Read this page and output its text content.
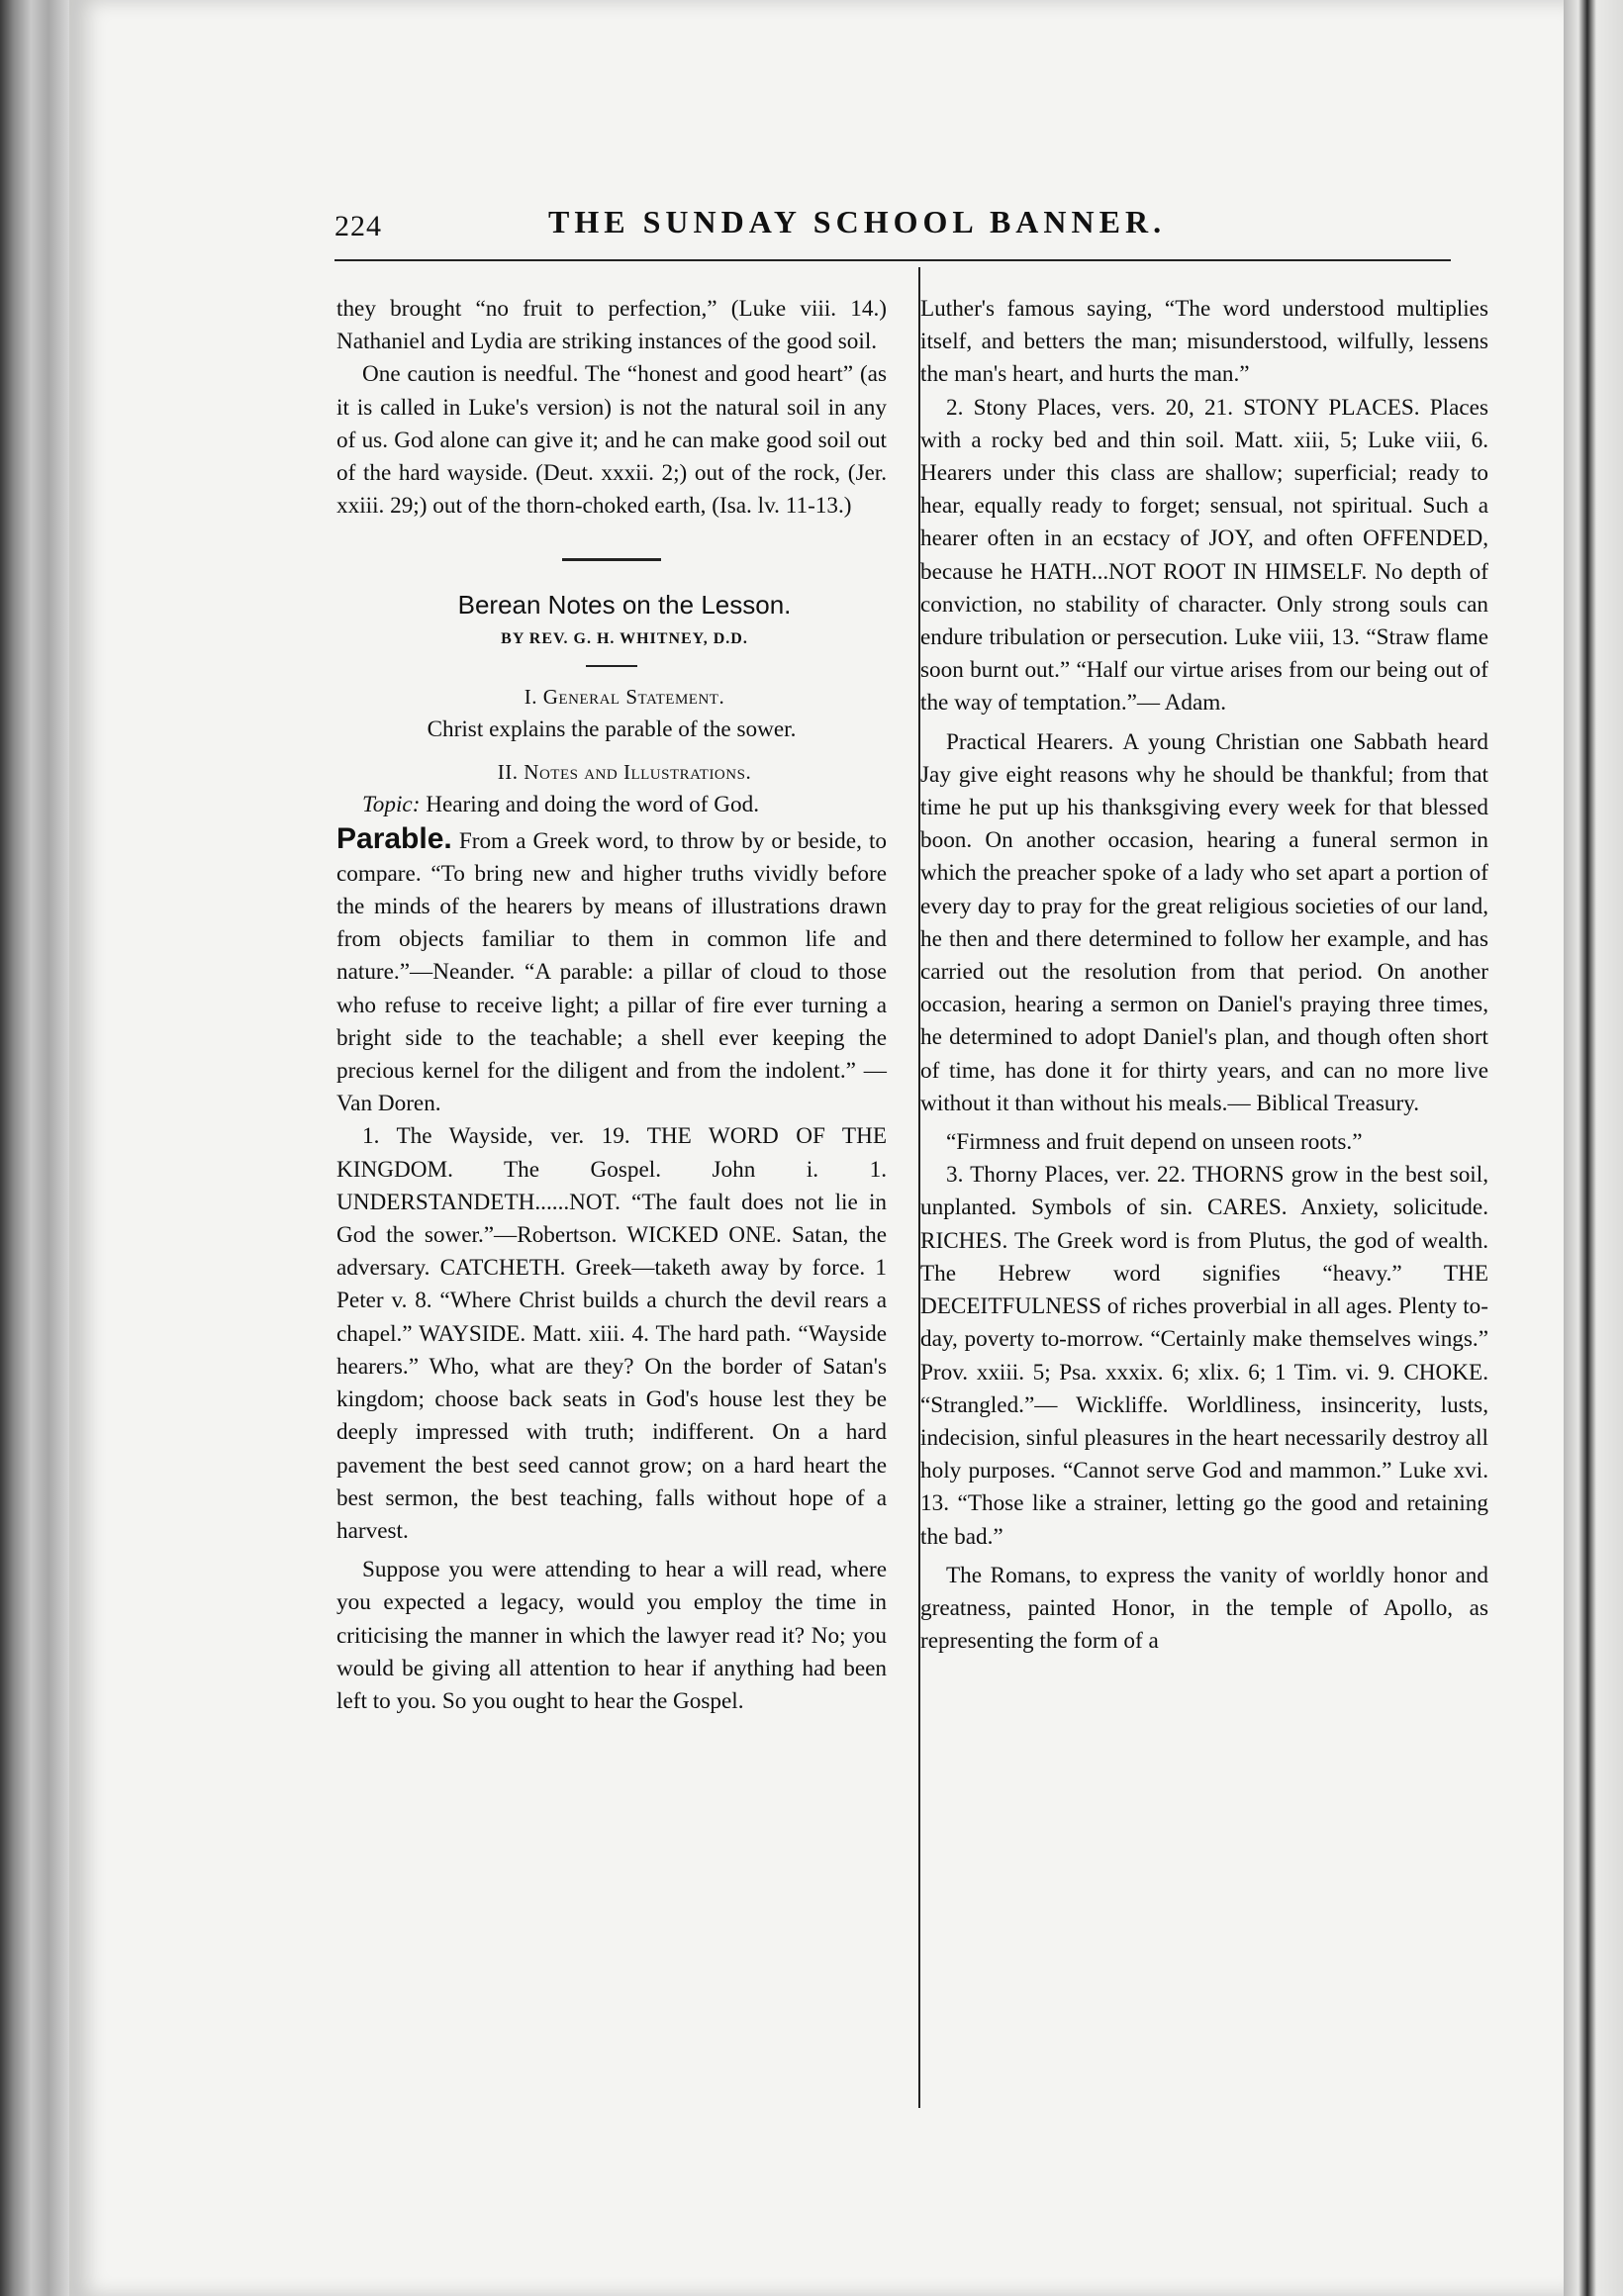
224	THE SUNDAY SCHOOL BANNER.

they brought “no fruit to perfection,” (Luke viii. 14.) Nathaniel and Lydia are striking instances of the good soil.

One caution is needful. The “honest and good heart” (as it is called in Luke's version) is not the natural soil in any of us. God alone can give it; and he can make good soil out of the hard wayside. (Deut. xxxii. 2;) out of the rock, (Jer. xxiii. 29;) out of the thorn-choked earth, (Isa. lv. 11-13.)

Berean Notes on the Lesson.

BY REV. G. H. WHITNEY, D.D.

I. General Statement.

Christ explains the parable of the sower.

II. Notes and Illustrations.

Topic: Hearing and doing the word of God.

Parable. From a Greek word, to throw by or beside, to compare. “To bring new and higher truths vividly before the minds of the hearers by means of illustrations drawn from objects familiar to them in common life and nature.”—Neander. “A parable: a pillar of cloud to those who refuse to receive light; a pillar of fire ever turning a bright side to the teachable; a shell ever keeping the precious kernel for the diligent and from the indolent.” —Van Doren.

1. The Wayside, ver. 19. THE WORD OF THE KINGDOM. The Gospel. John i. 1. UNDERSTANDETH......NOT. “The fault does not lie in God the sower.”—Robertson. WICKED ONE. Satan, the adversary. CATCHETH. Greek—taketh away by force. 1 Peter v. 8. “Where Christ builds a church the devil rears a chapel.” WAYSIDE. Matt. xiii. 4. The hard path. “Wayside hearers.” Who, what are they? On the border of Satan's kingdom; choose back seats in God's house lest they be deeply impressed with truth; indifferent. On a hard pavement the best seed cannot grow; on a hard heart the best sermon, the best teaching, falls without hope of a harvest.

Suppose you were attending to hear a will read, where you expected a legacy, would you employ the time in criticising the manner in which the lawyer read it? No; you would be giving all attention to hear if anything had been left to you. So you ought to hear the Gospel.

Luther's famous saying, “The word understood multiplies itself, and betters the man; misunderstood, wilfully, lessens the man's heart, and hurts the man.”

2. Stony Places, vers. 20, 21. STONY PLACES. Places with a rocky bed and thin soil. Matt. xiii, 5; Luke viii, 6. Hearers under this class are shallow; superficial; ready to hear, equally ready to forget; sensual, not spiritual. Such a hearer often in an ecstacy of JOY, and often OFFENDED, because he HATH...NOT ROOT IN HIMSELF. No depth of conviction, no stability of character. Only strong souls can endure tribulation or persecution. Luke viii, 13. “Straw flame soon burnt out.” “Half our virtue arises from our being out of the way of temptation.”— Adam.

Practical Hearers. A young Christian one Sabbath heard Jay give eight reasons why he should be thankful; from that time he put up his thanksgiving every week for that blessed boon. On another occasion, hearing a funeral sermon in which the preacher spoke of a lady who set apart a portion of every day to pray for the great religious societies of our land, he then and there determined to follow her example, and has carried out the resolution from that period. On another occasion, hearing a sermon on Daniel's praying three times, he determined to adopt Daniel's plan, and though often short of time, has done it for thirty years, and can no more live without it than without his meals.— Biblical Treasury.

“Firmness and fruit depend on unseen roots.”

3. Thorny Places, ver. 22. THORNS grow in the best soil, unplanted. Symbols of sin. CARES. Anxiety, solicitude. RICHES. The Greek word is from Plutus, the god of wealth. The Hebrew word signifies “heavy.” THE DECEITFULNESS of riches proverbial in all ages. Plenty to-day, poverty to-morrow. “Certainly make themselves wings.” Prov. xxiii. 5; Psa. xxxix. 6; xlix. 6; 1 Tim. vi. 9. CHOKE. “Strangled.”— Wickliffe. Worldliness, insincerity, lusts, indecision, sinful pleasures in the heart necessarily destroy all holy purposes. “Cannot serve God and mammon.” Luke xvi. 13. “Those like a strainer, letting go the good and retaining the bad.”

The Romans, to express the vanity of worldly honor and greatness, painted Honor, in the temple of Apollo, as representing the form of a
